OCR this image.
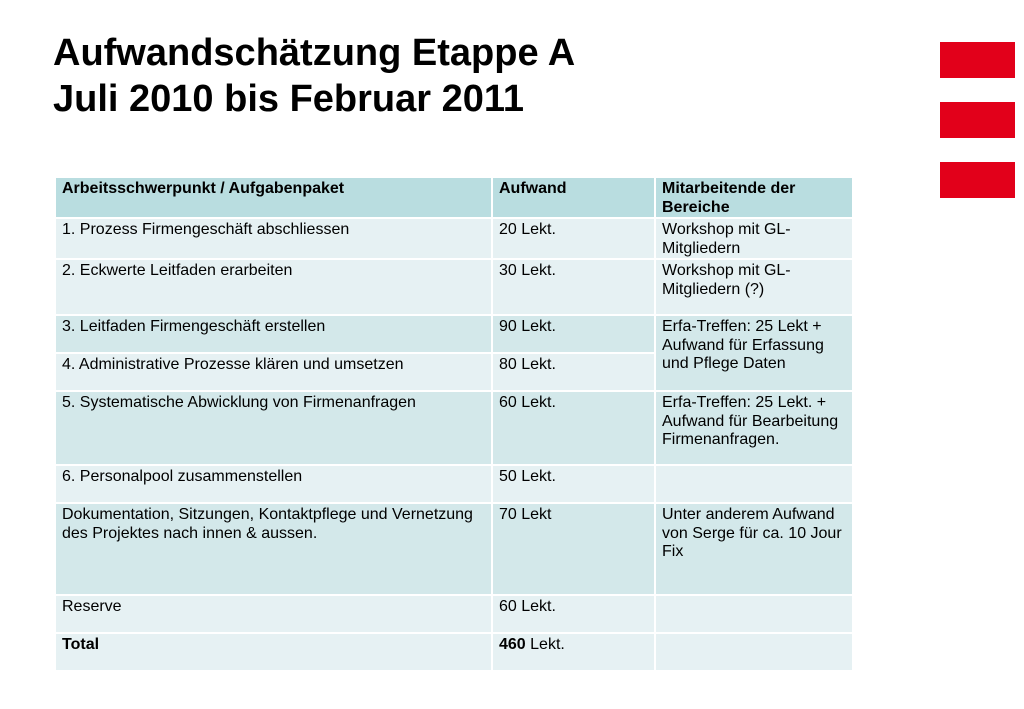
Aufwandschätzung Etappe A
Juli 2010 bis Februar 2011
Arbeitsschwerpunkt / Aufgabenpaket	Aufwand	Mitarbeitende der Bereiche
1. Prozess Firmengeschäft abschliessen	20 Lekt.	Workshop mit GL-Mitgliedern
2. Eckwerte Leitfaden erarbeiten	30 Lekt.	Workshop mit GL-Mitgliedern (?)
3. Leitfaden Firmengeschäft erstellen	90 Lekt.	Erfa-Treffen: 25 Lekt + Aufwand für Erfassung und Pflege Daten
4. Administrative Prozesse klären und umsetzen	80 Lekt.	
5. Systematische Abwicklung von Firmenanfragen	60 Lekt.	Erfa-Treffen: 25 Lekt. + Aufwand für Bearbeitung Firmenanfragen.
6. Personalpool zusammenstellen	50 Lekt.	
Dokumentation, Sitzungen, Kontaktpflege und Vernetzung des Projektes nach innen & aussen.	70 Lekt	Unter anderem Aufwand von Serge für ca. 10 Jour Fix
Reserve	60 Lekt.	
Total	460 Lekt.	
